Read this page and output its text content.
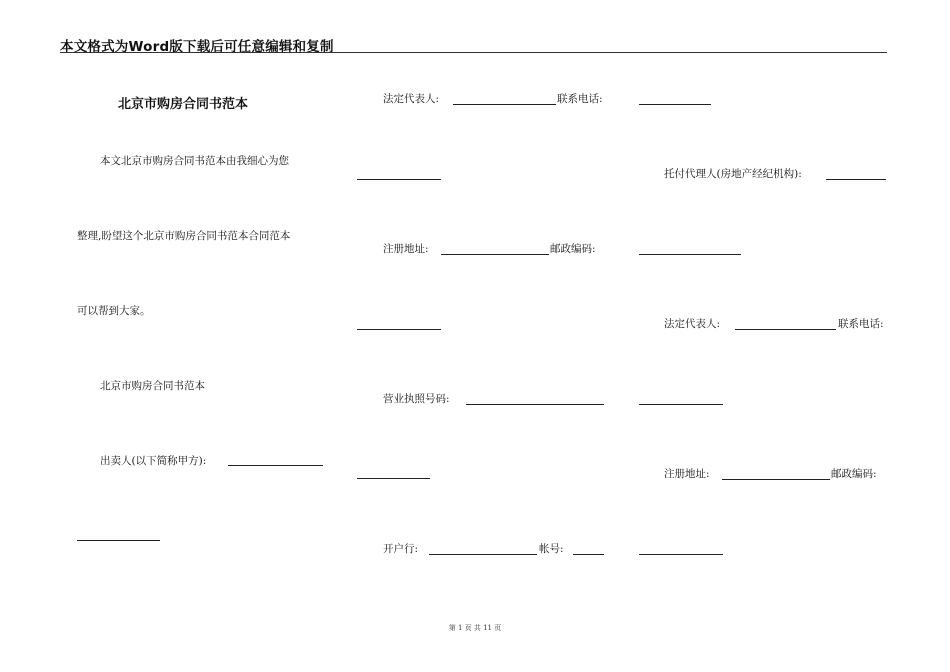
本文格式为Word版下载后可任意编辑和复制
北京市购房合同书范本
本文北京市购房合同书范本由我细心为您
整理,盼望这个北京市购房合同书范本合同范本
可以帮到大家。
北京市购房合同书范本
出卖人(以下简称甲方):
法定代表人:	联系电话:
注册地址:	邮政编码:
营业执照号码:
开户行:	帐号:
托付代理人(房地产经纪机构):
法定代表人:	联系电话:
注册地址:	邮政编码:
第 1 页 共 11 页
